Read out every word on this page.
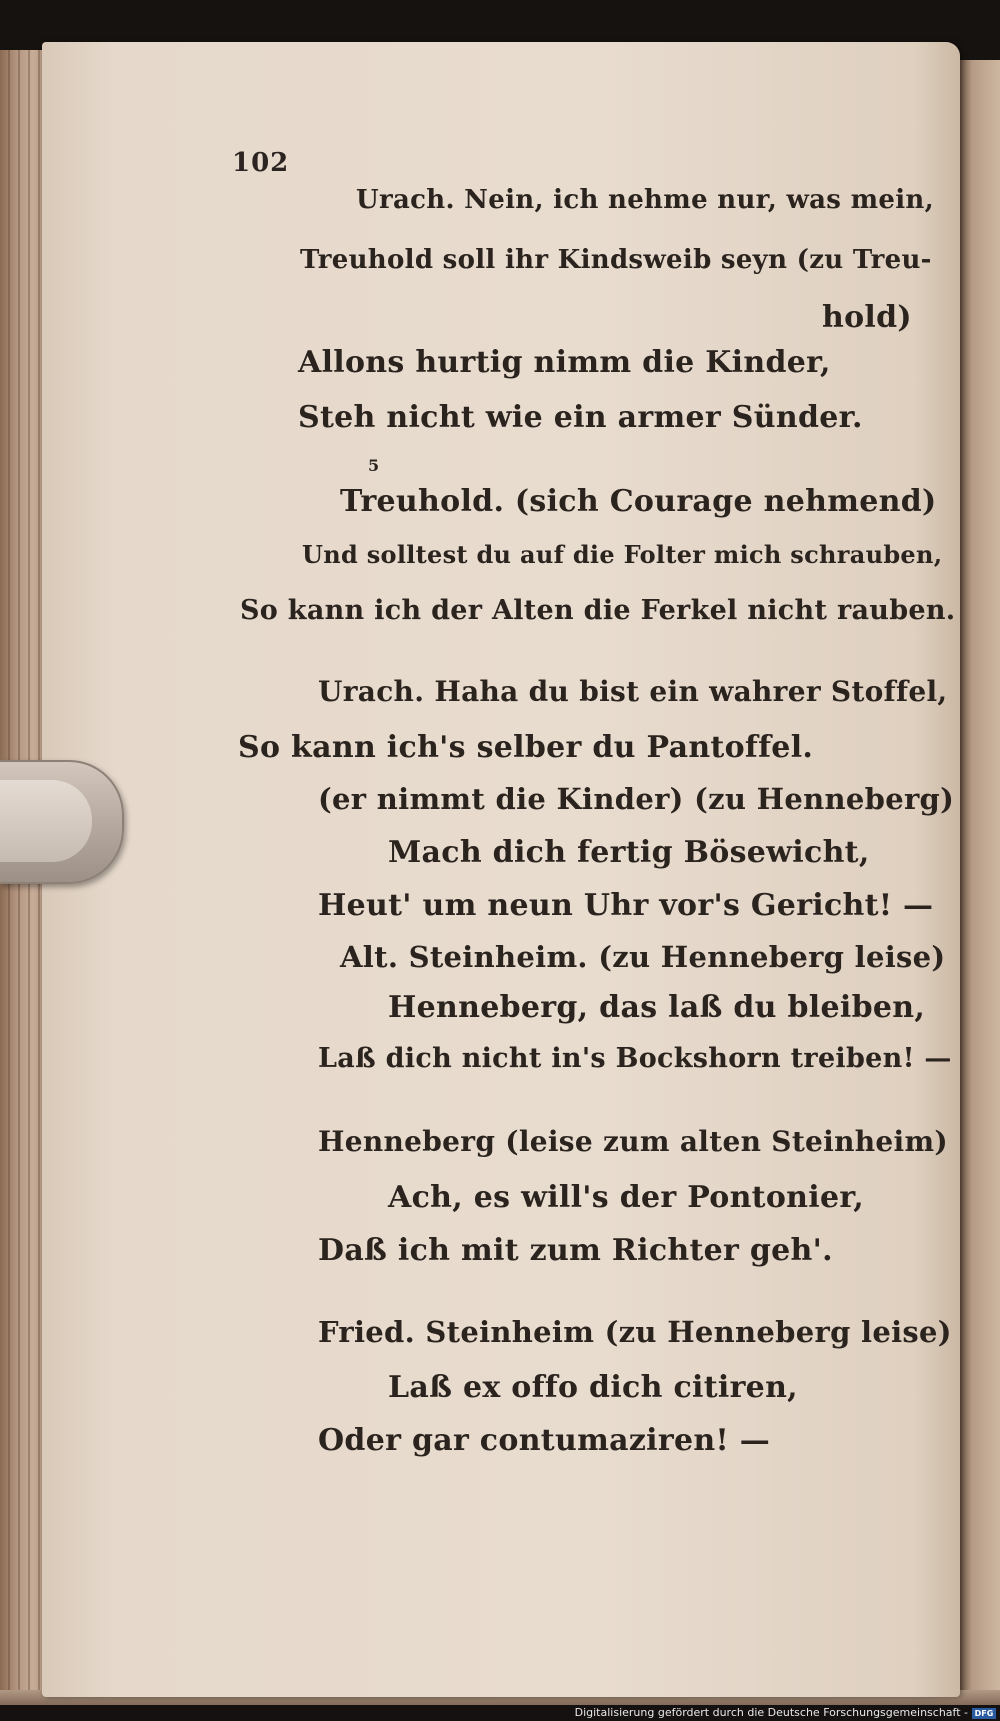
102
Urach. Nein, ich nehme nur, was mein,
Treuhold soll ihr Kindsweib seyn (zu Treu-
hold)
Allons hurtig nimm die Kinder,
Steh nicht wie ein armer Sünder.
5
Treuhold. (sich Courage nehmend)
Und solltest du auf die Folter mich schrauben,
So kann ich der Alten die Ferkel nicht rauben.
Urach. Haha du bist ein wahrer Stoffel,
So kann ich's selber du Pantoffel.
(er nimmt die Kinder) (zu Henneberg)
Mach dich fertig Bösewicht,
Heut' um neun Uhr vor's Gericht! —
Alt. Steinheim. (zu Henneberg leise)
Henneberg, das laß du bleiben,
Laß dich nicht in's Bockshorn treiben! —
Henneberg (leise zum alten Steinheim)
Ach, es will's der Pontonier,
Daß ich mit zum Richter geh'.
Fried. Steinheim (zu Henneberg leise)
Laß ex offo dich citiren,
Oder gar contumaziren! —
Digitalisierung gefördert durch die Deutsche Forschungsgemeinschaft - DFG
